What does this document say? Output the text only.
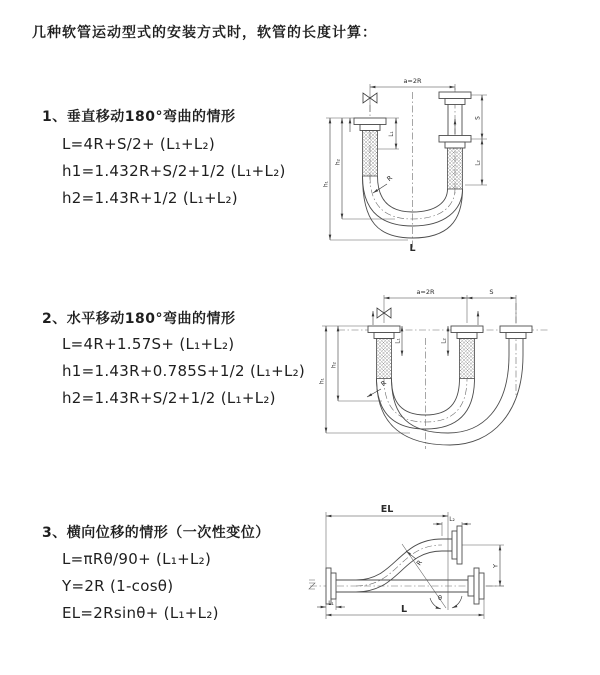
几种软管运动型式的安装方式时，软管的长度计算：
1、垂直移动180°弯曲的情形
L=4R+S/2+ (L₁+L₂)
h1=1.432R+S/2+1/2 (L₁+L₂)
h2=1.43R+1/2 (L₁+L₂)
2、水平移动180°弯曲的情形
L=4R+1.57S+ (L₁+L₂)
h1=1.43R+0.785S+1/2 (L₁+L₂)
h2=1.43R+S/2+1/2 (L₁+L₂)
3、横向位移的情形（一次性变位）
L=πRθ/90+ (L₁+L₂)
Y=2R (1-cosθ)
EL=2Rsinθ+ (L₁+L₂)
a=2R
L₁
S
L₂
h₁
h₂
R
L
a=2R	S
L₁	L₂
h₁
h₂
R
EL
L₂
Y
L₁	L
R
θ
